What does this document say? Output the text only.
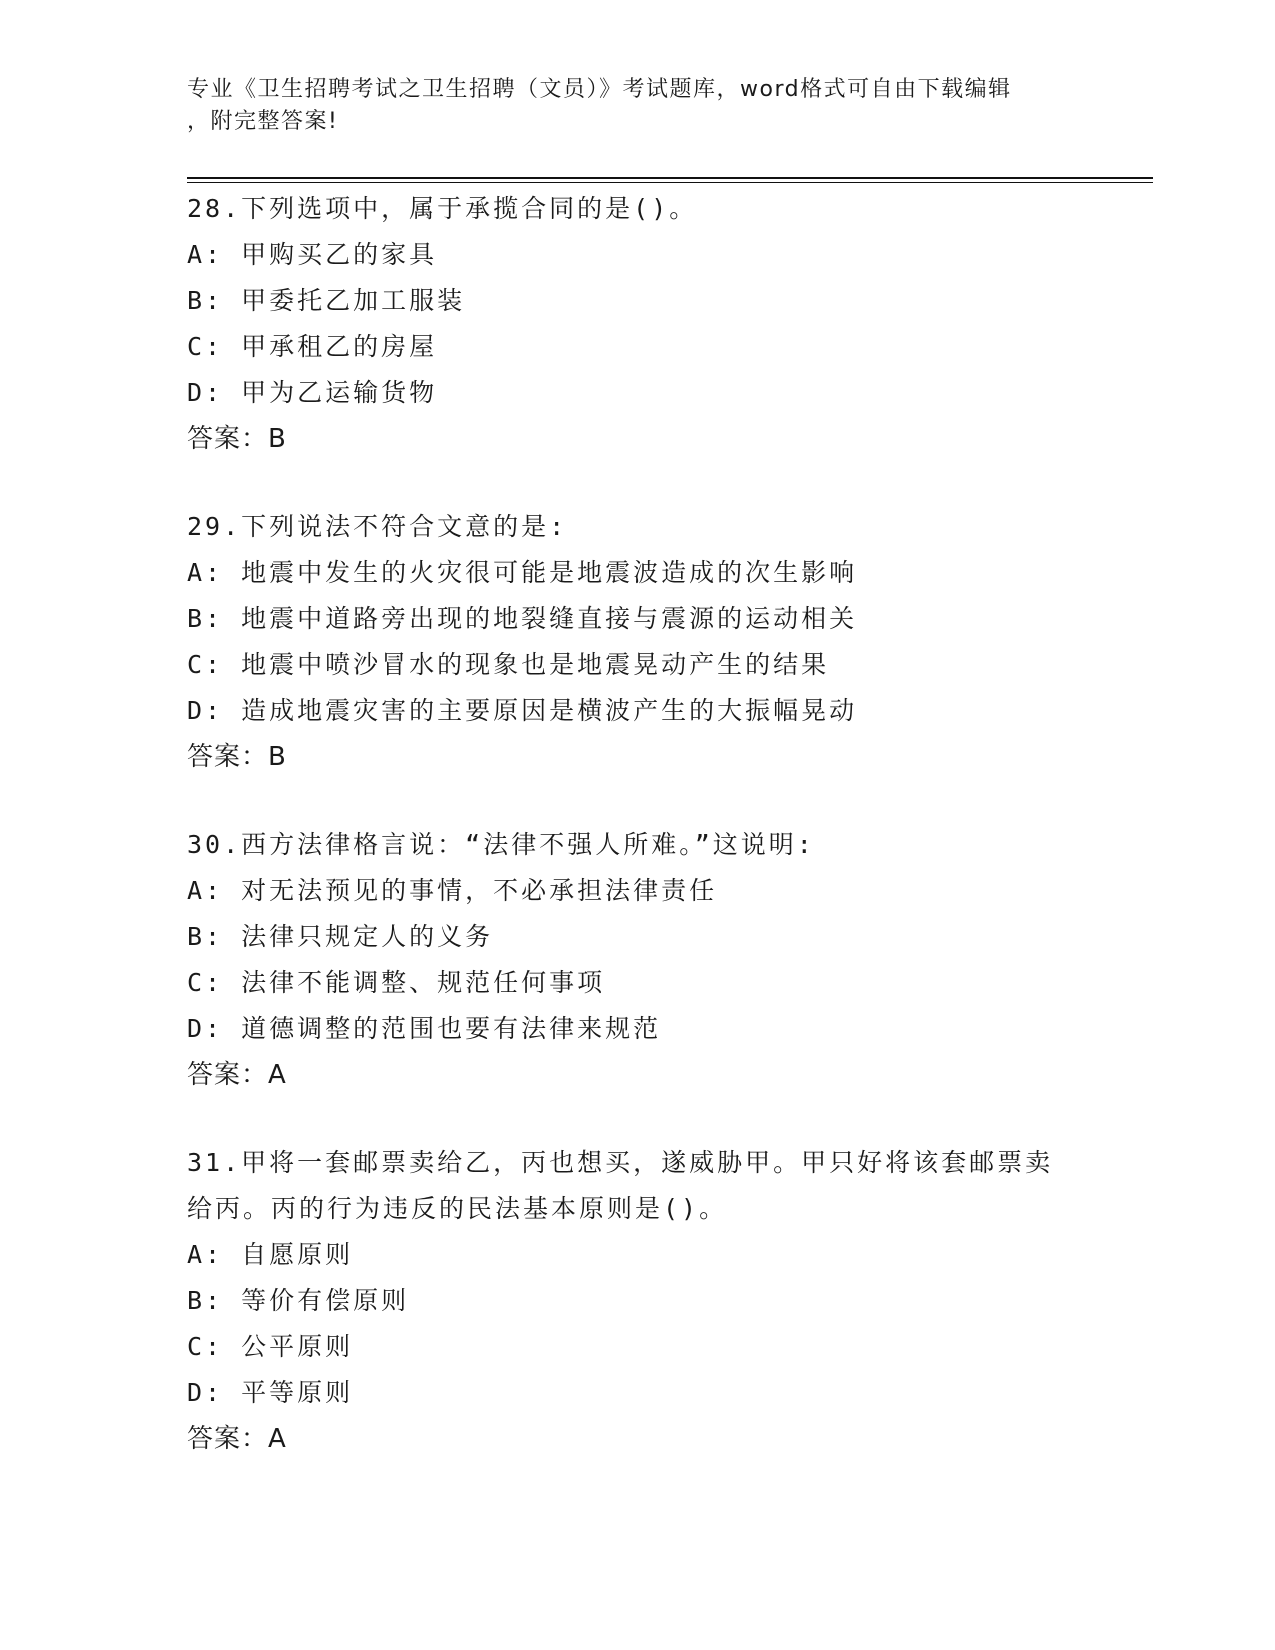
专业《卫生招聘考试之卫生招聘（文员）》考试题库，word格式可自由下载编辑
，附完整答案!
28.下列选项中，属于承揽合同的是()。
A: 甲购买乙的家具
B: 甲委托乙加工服装
C: 甲承租乙的房屋
D: 甲为乙运输货物
答案：B
29.下列说法不符合文意的是:
A: 地震中发生的火灾很可能是地震波造成的次生影响
B: 地震中道路旁出现的地裂缝直接与震源的运动相关
C: 地震中喷沙冒水的现象也是地震晃动产生的结果
D: 造成地震灾害的主要原因是横波产生的大振幅晃动
答案：B
30.西方法律格言说：“法律不强人所难。”这说明:
A: 对无法预见的事情，不必承担法律责任
B: 法律只规定人的义务
C: 法律不能调整、规范任何事项
D: 道德调整的范围也要有法律来规范
答案：A
31.甲将一套邮票卖给乙，丙也想买，遂威胁甲。甲只好将该套邮票卖
给丙。丙的行为违反的民法基本原则是()。
A: 自愿原则
B: 等价有偿原则
C: 公平原则
D: 平等原则
答案：A
